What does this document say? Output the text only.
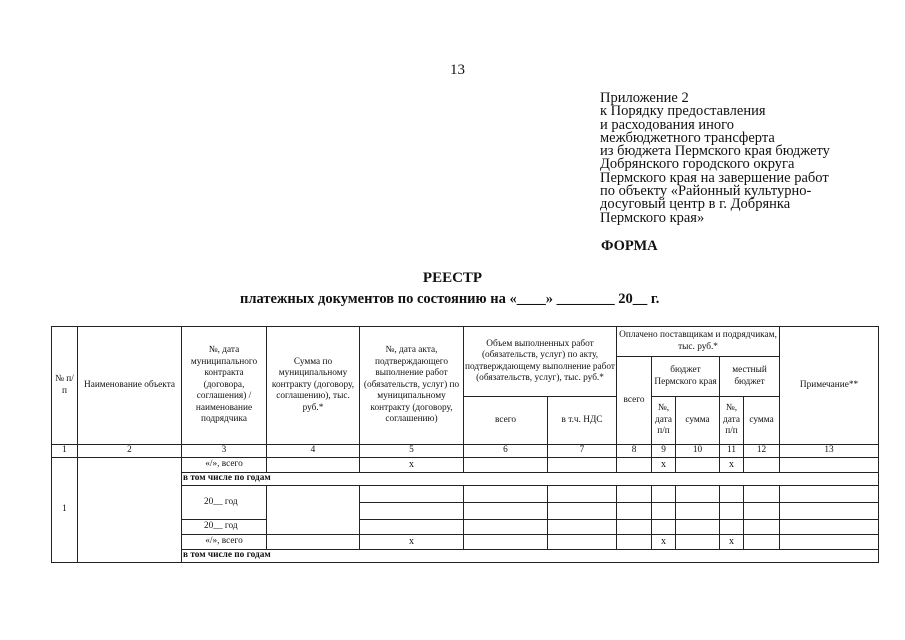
13
Приложение 2
к Порядку предоставления
и расходования иного
межбюджетного трансферта
из бюджета Пермского края бюджету
Добрянского городского округа
Пермского края на завершение работ
по объекту «Районный культурно-
досуговый центр в г. Добрянка
Пермского края»
ФОРМА
РЕЕСТР
платежных документов по состоянию на «____» ________ 20__ г.
№ п/п	Наименование объекта	№, дата муниципального контракта (договора, соглашения) / наименование подрядчика	Сумма по муниципальному контракту (договору, соглашению), тыс. руб.*	№, дата акта, подтверждающего выполнение работ (обязательств, услуг) по муниципальному контракту (договору, соглашению)	Объем выполненных работ (обязательств, услуг) по акту, подтверждающему выполнение работ (обязательств, услуг), тыс. руб.*		Оплачено поставщикам и подрядчикам, тыс. руб.*					Примечание**
							всего	бюджет Пермского края		местный бюджет		
					всего	в т.ч. НДС		№, дата п/п	сумма	№, дата п/п	сумма	

1	2	3	4	5	6	7	8	9	10	11	12	13
1		«/», всего		x				x		x		
		в том числе по годам										
		20__ год										

		20__ год										
		«/», всего		x				x		x		
		в том числе по годам										
